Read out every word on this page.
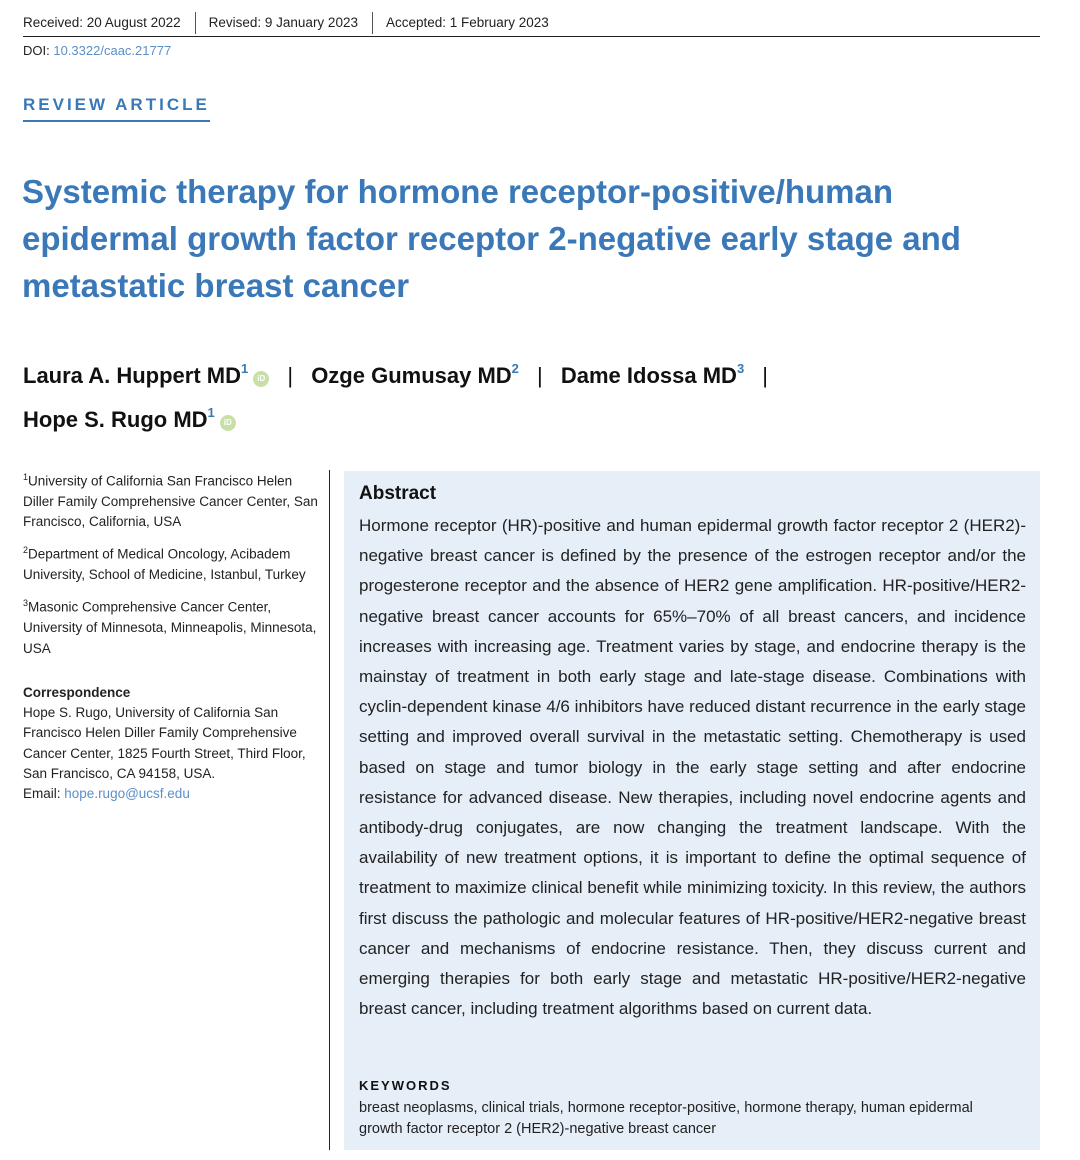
Received: 20 August 2022	Revised: 9 January 2023	Accepted: 1 February 2023
DOI: 10.3322/caac.21777
REVIEW ARTICLE
Systemic therapy for hormone receptor-positive/human epidermal growth factor receptor 2-negative early stage and metastatic breast cancer
Laura A. Huppert $MD^1iD$ | Ozge Gumusay $MD^2$ | Dame Idossa $MD^3$ |
Hope S. Rugo $MD^1iD$
$^1$University of California San Francisco Helen Diller Family Comprehensive Cancer Center, San Francisco, California, USA
$^2$Department of Medical Oncology, Acibadem University, School of Medicine, Istanbul, Turkey
$^3$Masonic Comprehensive Cancer Center, University of Minnesota, Minneapolis, Minnesota, USA
Correspondence
Hope S. Rugo, University of California San Francisco Helen Diller Family Comprehensive Cancer Center, 1825 Fourth Street, Third Floor, San Francisco, CA 94158, USA.
Email: hope.rugo@ucsf.edu
Abstract

Hormone receptor (HR)-positive and human epidermal growth factor receptor 2 (HER2)-negative breast cancer is defined by the presence of the estrogen receptor and/or the progesterone receptor and the absence of HER2 gene amplification. HR-positive/HER2-negative breast cancer accounts for 65%–70% of all breast cancers, and incidence increases with increasing age. Treatment varies by stage, and endocrine therapy is the mainstay of treatment in both early stage and late-stage disease. Combinations with cyclin-dependent kinase 4/6 inhibitors have reduced distant recurrence in the early stage setting and improved overall survival in the metastatic setting. Chemotherapy is used based on stage and tumor biology in the early stage setting and after endocrine resistance for advanced disease. New therapies, including novel endocrine agents and antibody-drug conjugates, are now changing the treatment landscape. With the availability of new treatment options, it is important to define the optimal sequence of treatment to maximize clinical benefit while minimizing toxicity. In this review, the authors first discuss the pathologic and molecular features of HR-positive/HER2-negative breast cancer and mechanisms of endocrine resistance. Then, they discuss current and emerging therapies for both early stage and metastatic HR-positive/HER2-negative breast cancer, including treatment algorithms based on current data.

KEYWORDS

breast neoplasms, clinical trials, hormone receptor-positive, hormone therapy, human epidermal growth factor receptor 2 (HER2)-negative breast cancer
